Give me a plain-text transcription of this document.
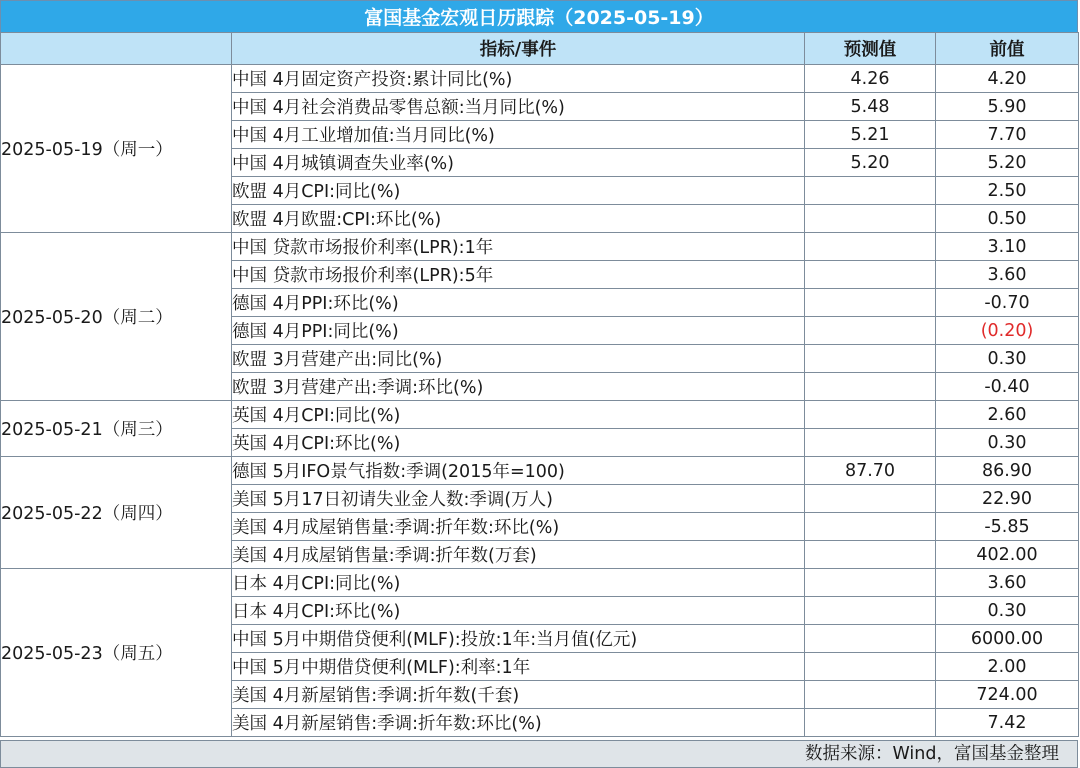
富国基金宏观日历跟踪（2025-05-19）
	指标/事件	预测值	前值
2025-05-19（周一）	中国 4月固定资产投资:累计同比(%)	4.26	4.20
	中国 4月社会消费品零售总额:当月同比(%)	5.48	5.90
	中国 4月工业增加值:当月同比(%)	5.21	7.70
	中国 4月城镇调查失业率(%)	5.20	5.20
	欧盟 4月CPI:同比(%)		2.50
	欧盟 4月欧盟:CPI:环比(%)		0.50
2025-05-20（周二）	中国 贷款市场报价利率(LPR):1年		3.10
	中国 贷款市场报价利率(LPR):5年		3.60
	德国 4月PPI:环比(%)		-0.70
	德国 4月PPI:同比(%)		(0.20)
	欧盟 3月营建产出:同比(%)		0.30
	欧盟 3月营建产出:季调:环比(%)		-0.40
2025-05-21（周三）	英国 4月CPI:同比(%)		2.60
	英国 4月CPI:环比(%)		0.30
2025-05-22（周四）	德国 5月IFO景气指数:季调(2015年=100)	87.70	86.90
	美国 5月17日初请失业金人数:季调(万人)		22.90
	美国 4月成屋销售量:季调:折年数:环比(%)		-5.85
	美国 4月成屋销售量:季调:折年数(万套)		402.00
2025-05-23（周五）	日本 4月CPI:同比(%)		3.60
	日本 4月CPI:环比(%)		0.30
	中国 5月中期借贷便利(MLF):投放:1年:当月值(亿元)		6000.00
	中国 5月中期借贷便利(MLF):利率:1年		2.00
	美国 4月新屋销售:季调:折年数(千套)		724.00
	美国 4月新屋销售:季调:折年数:环比(%)		7.42
数据来源：Wind，富国基金整理
